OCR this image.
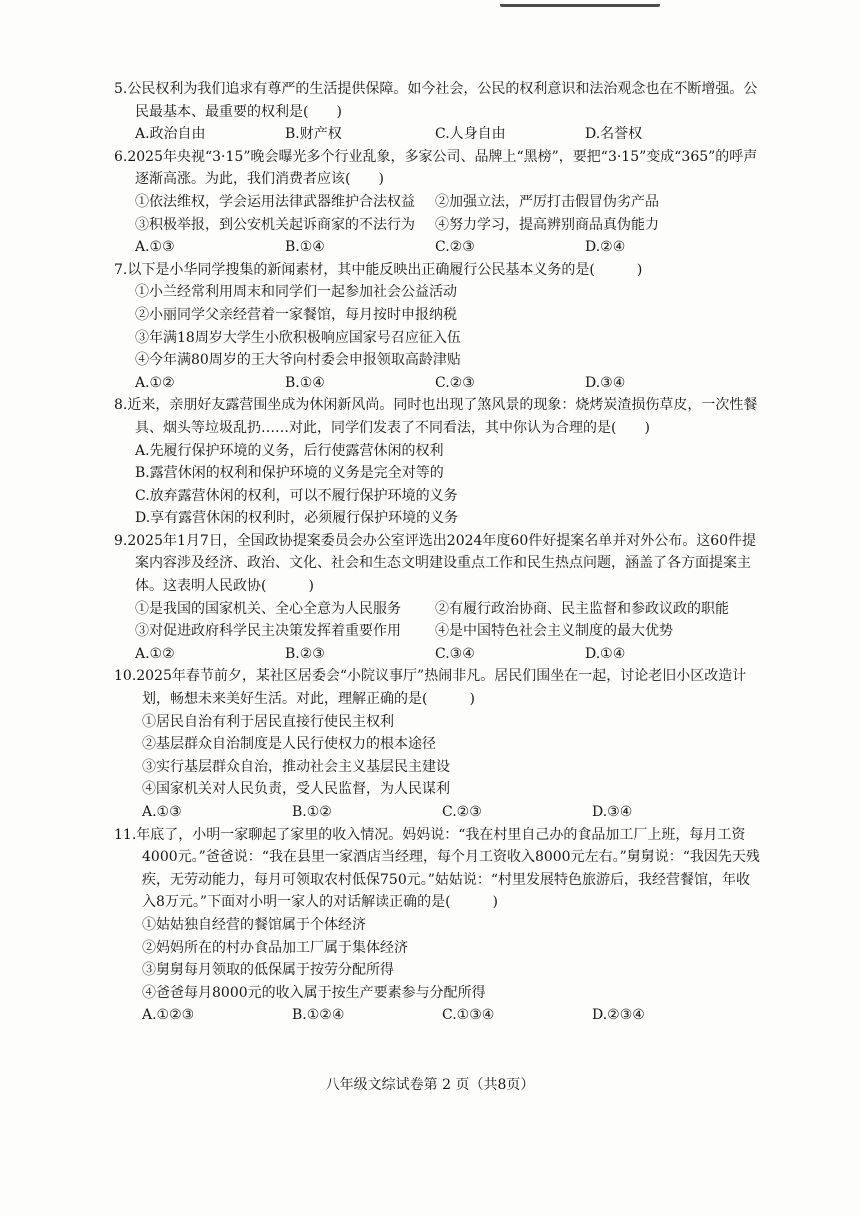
5.公民权利为我们追求有尊严的生活提供保障。如今社会，公民的权利意识和法治观念也在不断增强。公民最基本、最重要的权利是(　　)

A.政治自由	B.财产权	C.人身自由	D.名誉权

6.2025年央视“3·15”晚会曝光多个行业乱象，多家公司、品牌上“黑榜”，要把“3·15”变成“365”的呼声逐渐高涨。为此，我们消费者应该(　　)

①依法维权，学会运用法律武器维护合法权益	②加强立法，严厉打击假冒伪劣产品
③积极举报，到公安机关起诉商家的不法行为	④努力学习，提高辨别商品真伪能力
A.①③	B.①④	C.②③	D.②④

7.以下是小华同学搜集的新闻素材，其中能反映出正确履行公民基本义务的是(　　　)

①小兰经常利用周末和同学们一起参加社会公益活动

②小丽同学父亲经营着一家餐馆，每月按时申报纳税

③年满18周岁大学生小欣积极响应国家号召应征入伍

④今年满80周岁的王大爷向村委会申报领取高龄津贴

A.①②	B.①④	C.②③	D.③④

8.近来，亲朋好友露营围坐成为休闲新风尚。同时也出现了煞风景的现象：烧烤炭渣损伤草皮，一次性餐具、烟头等垃圾乱扔……对此，同学们发表了不同看法，其中你认为合理的是(　　)

A.先履行保护环境的义务，后行使露营休闲的权利

B.露营休闲的权利和保护环境的义务是完全对等的

C.放弃露营休闲的权利，可以不履行保护环境的义务

D.享有露营休闲的权利时，必须履行保护环境的义务

9.2025年1月7日，全国政协提案委员会办公室评选出2024年度60件好提案名单并对外公布。这60件提案内容涉及经济、政治、文化、社会和生态文明建设重点工作和民生热点问题，涵盖了各方面提案主体。这表明人民政协(　　　)

①是我国的国家机关、全心全意为人民服务	②有履行政治协商、民主监督和参政议政的职能
③对促进政府科学民主决策发挥着重要作用	④是中国特色社会主义制度的最大优势
A.①②	B.②③	C.③④	D.①④

10.2025年春节前夕，某社区居委会“小院议事厅”热闹非凡。居民们围坐在一起，讨论老旧小区改造计划，畅想未来美好生活。对此，理解正确的是(　　　)

①居民自治有利于居民直接行使民主权利

②基层群众自治制度是人民行使权力的根本途径

③实行基层群众自治，推动社会主义基层民主建设

④国家机关对人民负责，受人民监督，为人民谋利

A.①③	B.①②	C.②③	D.③④

11.年底了，小明一家聊起了家里的收入情况。妈妈说：“我在村里自己办的食品加工厂上班，每月工资4000元。”爸爸说：“我在县里一家酒店当经理，每个月工资收入8000元左右。”舅舅说：“我因先天残疾，无劳动能力，每月可领取农村低保750元。”姑姑说：“村里发展特色旅游后，我经营餐馆，年收入8万元。”下面对小明一家人的对话解读正确的是(　　　)

①姑姑独自经营的餐馆属于个体经济

②妈妈所在的村办食品加工厂属于集体经济

③舅舅每月领取的低保属于按劳分配所得

④爸爸每月8000元的收入属于按生产要素参与分配所得

A.①②③	B.①②④	C.①③④	D.②③④
八年级文综试卷第 2 页（共8页）
